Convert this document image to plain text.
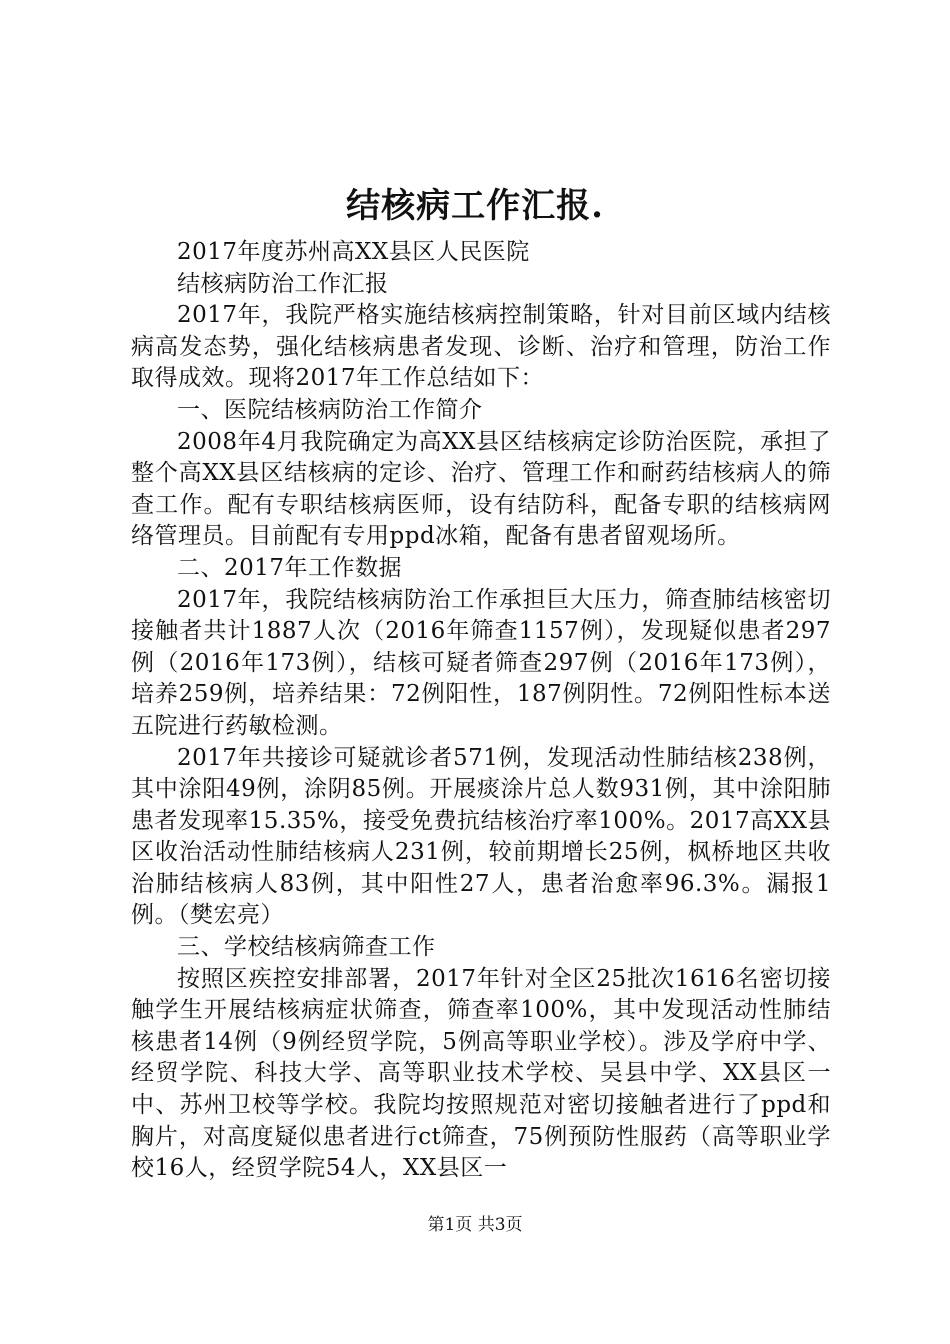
结核病工作汇报.

2017年度苏州高XX县区人民医院

结核病防治工作汇报

2017年，我院严格实施结核病控制策略，针对目前区域内结核病高发态势，强化结核病患者发现、诊断、治疗和管理，防治工作取得成效。现将2017年工作总结如下：

一、医院结核病防治工作简介

2008年4月我院确定为高XX县区结核病定诊防治医院，承担了整个高XX县区结核病的定诊、治疗、管理工作和耐药结核病人的筛查工作。配有专职结核病医师，设有结防科，配备专职的结核病网络管理员。目前配有专用ppd冰箱，配备有患者留观场所。

二、2017年工作数据

2017年，我院结核病防治工作承担巨大压力，筛查肺结核密切接触者共计1887人次（2016年筛查1157例），发现疑似患者297例（2016年173例），结核可疑者筛查297例（2016年173例），培养259例，培养结果：72例阳性，187例阴性。72例阳性标本送五院进行药敏检测。

2017年共接诊可疑就诊者571例，发现活动性肺结核238例，其中涂阳49例，涂阴85例。开展痰涂片总人数931例，其中涂阳肺患者发现率15.35%，接受免费抗结核治疗率100%。2017高XX县区收治活动性肺结核病人231例，较前期增长25例，枫桥地区共收治肺结核病人83例，其中阳性27人，患者治愈率96.3%。漏报1例。（樊宏亮）

三、学校结核病筛查工作

按照区疾控安排部署，2017年针对全区25批次1616名密切接触学生开展结核病症状筛查，筛查率100%，其中发现活动性肺结核患者14例（9例经贸学院，5例高等职业学校）。涉及学府中学、经贸学院、科技大学、高等职业技术学校、吴县中学、XX县区一中、苏州卫校等学校。我院均按照规范对密切接触者进行了ppd和胸片，对高度疑似患者进行ct筛查，75例预防性服药（高等职业学校16人，经贸学院54人，XX县区一

第1页 共3页
